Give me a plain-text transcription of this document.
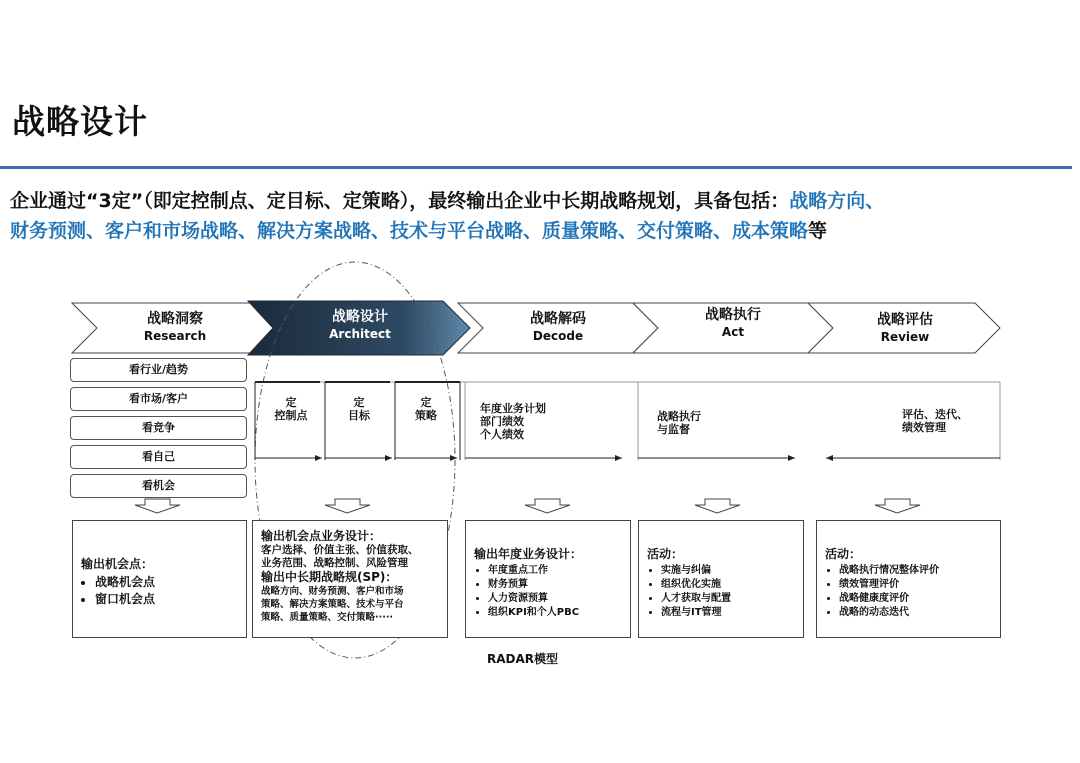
战略设计
企业通过“3定”（即定控制点、定目标、定策略），最终输出企业中长期战略规划，具备包括：战略方向、
财务预测、客户和市场战略、解决方案战略、技术与平台战略、质量策略、交付策略、成本策略等
战略洞察
Research
战略设计
Architect
战略解码
Decode
战略执行
Act
战略评估
Review
看行业/趋势
看市场/客户
看竞争
看自己
看机会
定
控制点
定
目标
定
策略
年度业务计划
部门绩效
个人绩效
战略执行
与监督
评估、迭代、
绩效管理
输出机会点：
• 战略机会点
• 窗口机会点
输出机会点业务设计：
客户选择、价值主张、价值获取、
业务范围、战略控制、风险管理
输出中长期战略规(SP)：
战略方向、财务预测、客户和市场
策略、解决方案策略、技术与平台
策略、质量策略、交付策略·····
输出年度业务设计：
• 年度重点工作
• 财务预算
• 人力资源预算
• 组织KPI和个人PBC
活动：
• 实施与纠偏
• 组织优化实施
• 人才获取与配置
• 流程与IT管理
活动：
• 战略执行情况整体评价
• 绩效管理评价
• 战略健康度评价
• 战略的动态迭代
RADAR模型
